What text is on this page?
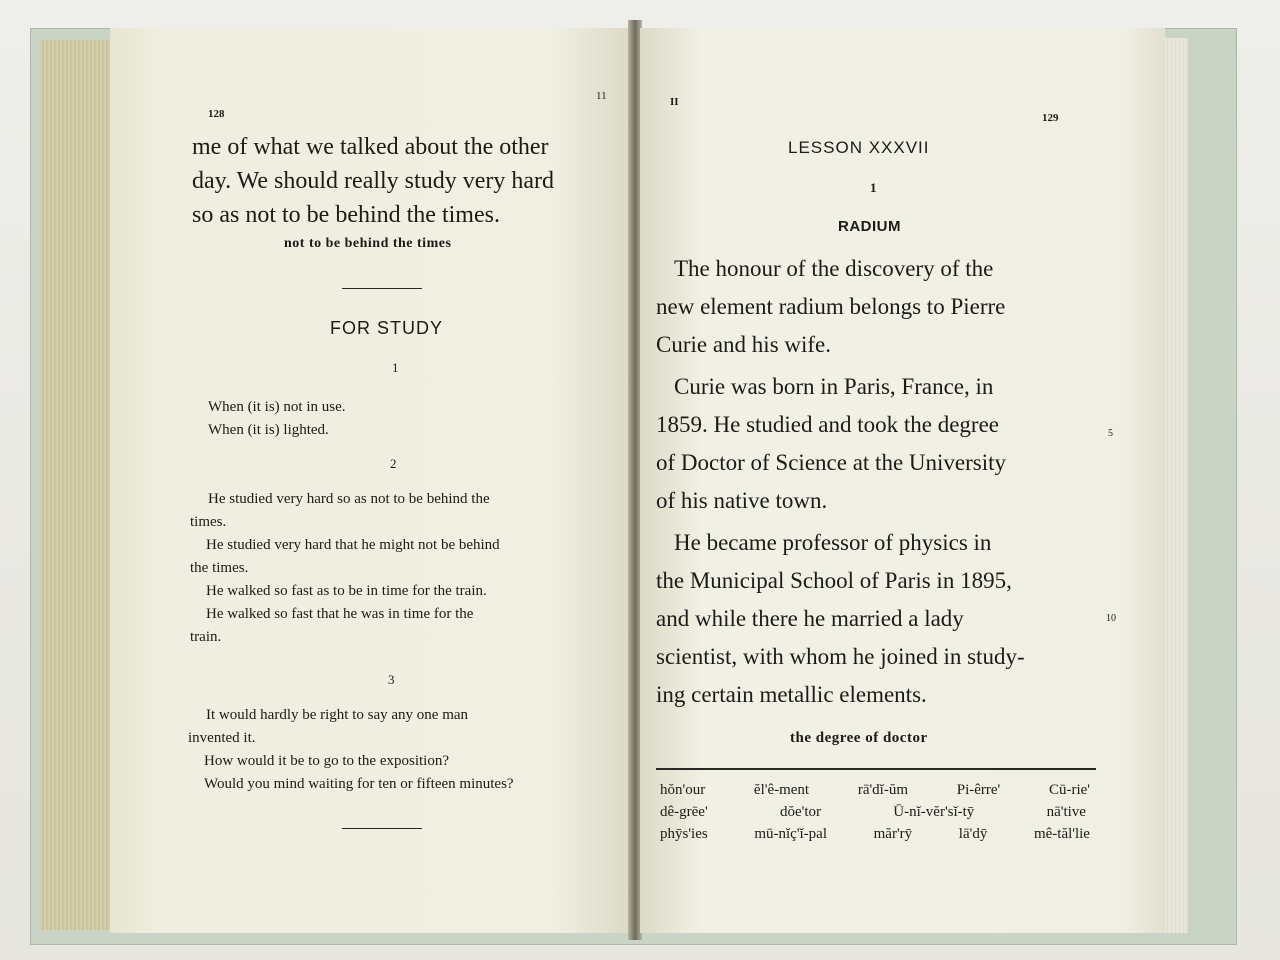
128
11

me of what we talked about the other

day. We should really study very hard

so as not to be behind the times.

not to be behind the times
FOR STUDY
1

When (it is) not in use.

When (it is) lighted.

2

He studied very hard so as not to be behind the

times.

He studied very hard that he might not be behind

the times.

He walked so fast as to be in time for the train.

He walked so fast that he was in time for the

train.

3

It would hardly be right to say any one man

invented it.

How would it be to go to the exposition?

Would you mind waiting for ten or fifteen minutes?

II
129
LESSON XXXVII
1
RADIUM

The honour of the discovery of the

new element radium belongs to Pierre

Curie and his wife.

Curie was born in Paris, France, in

1859. He studied and took the degree

of Doctor of Science at the University

of his native town.

He became professor of physics in

the Municipal School of Paris in 1895,

and while there he married a lady

scientist, with whom he joined in study-

ing certain metallic elements.

5
10
the degree of doctor
hŏn'our	ĕl'ê-ment	rā'dĭ-ŭm	Pi-êrre'	Cū-rie'
dê-grēe'	dŏe'tor	Ū-nĭ-vĕr'sĭ-tȳ	nā'tive
phȳs'ies	mū-nĭç'ĭ-pal	măr'rȳ	lā'dȳ	mê-tăl'lie
